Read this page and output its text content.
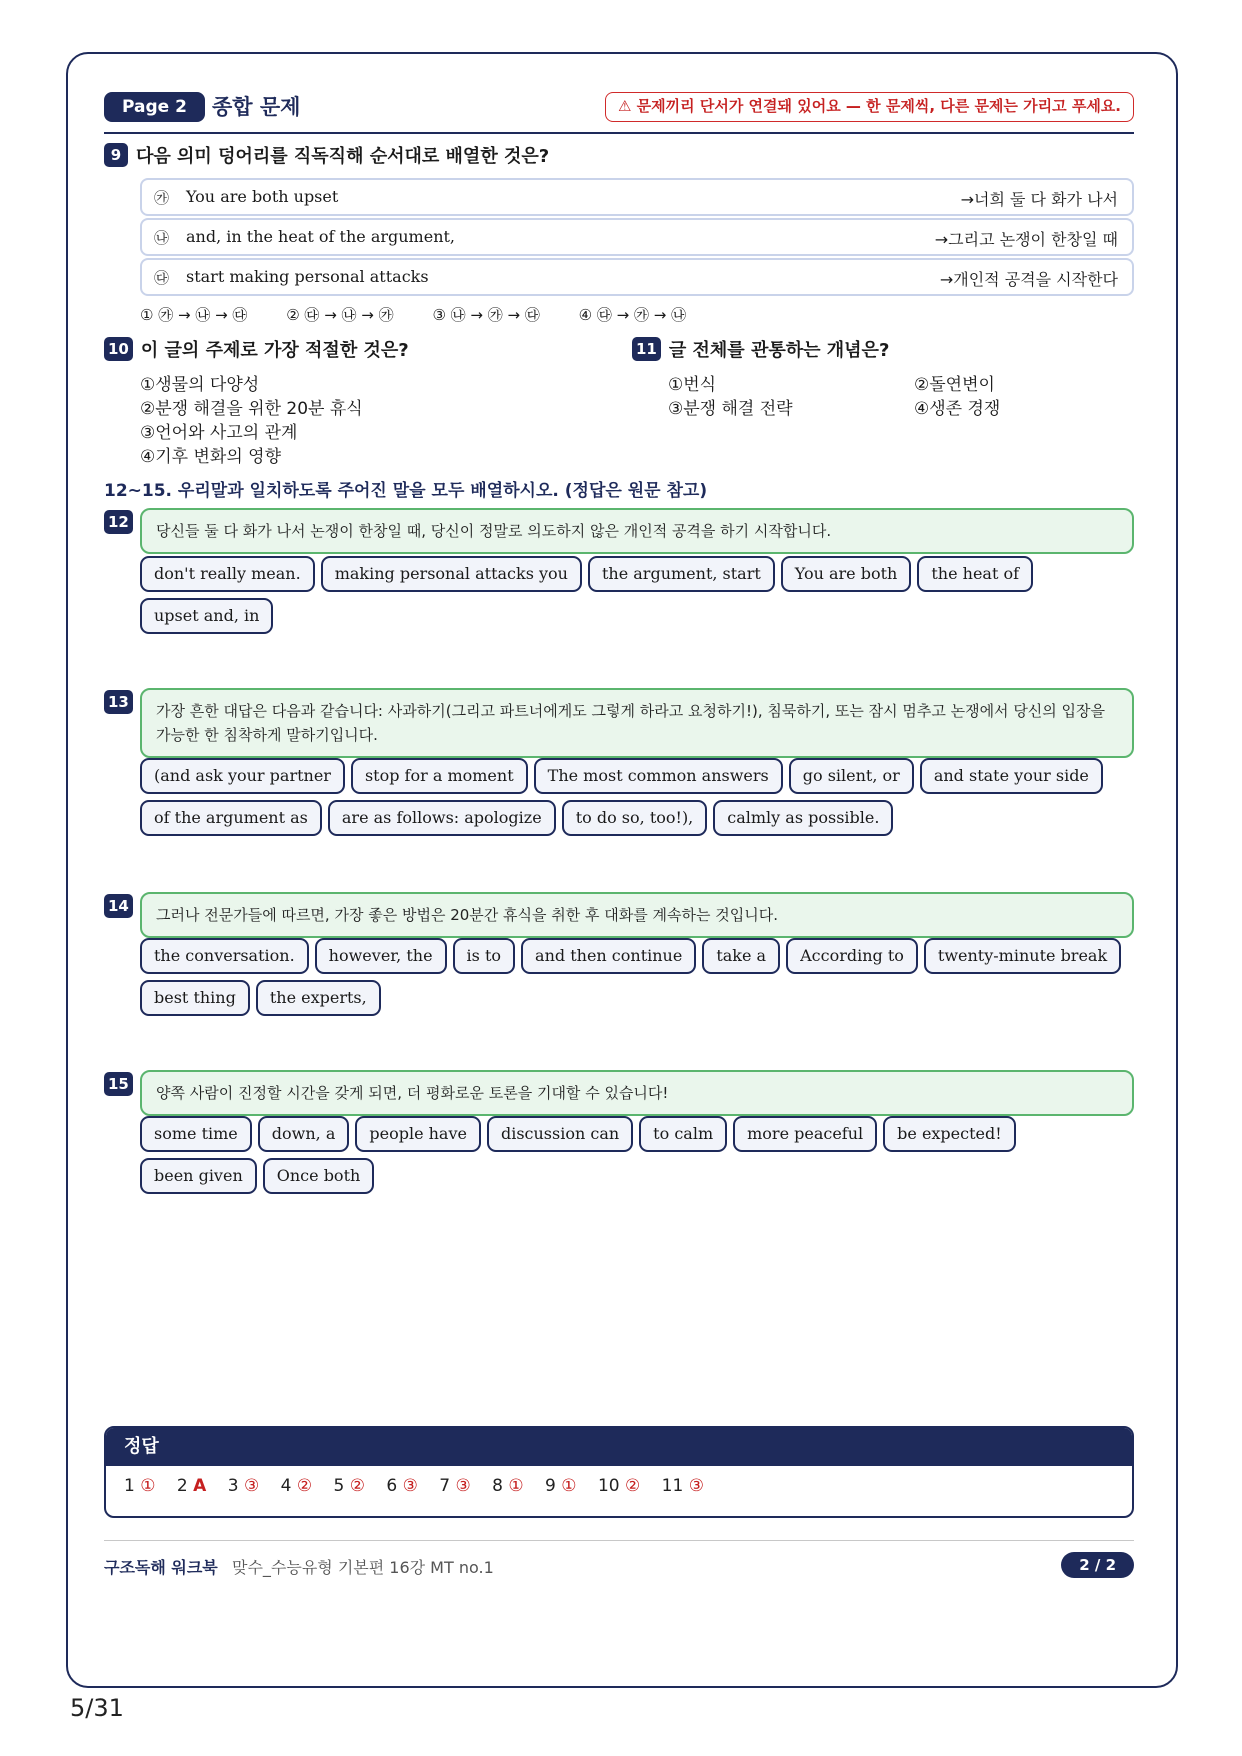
Page 2	종합 문제	⚠ 문제끼리 단서가 연결돼 있어요 — 한 문제씩, 다른 문제는 가리고 푸세요.
9 다음 의미 덩어리를 직독직해 순서대로 배열한 것은?
㉮ You are both upset	→너희 둘 다 화가 나서
㉯ and, in the heat of the argument,	→그리고 논쟁이 한창일 때
㉰ start making personal attacks	→개인적 공격을 시작한다
① ㉮ → ㉯ → ㉰	② ㉰ → ㉯ → ㉮	③ ㉯ → ㉮ → ㉰	④ ㉰ → ㉮ → ㉯
10 이 글의 주제로 가장 적절한 것은?
①생물의 다양성
②분쟁 해결을 위한 20분 휴식
③언어와 사고의 관계
④기후 변화의 영향
11 글 전체를 관통하는 개념은?
①번식	②돌연변이
③분쟁 해결 전략	④생존 경쟁
12~15. 우리말과 일치하도록 주어진 말을 모두 배열하시오. (정답은 원문 참고)
12	당신들 둘 다 화가 나서 논쟁이 한창일 때, 당신이 정말로 의도하지 않은 개인적 공격을 하기 시작합니다.
don't really mean.	making personal attacks you	the argument, start	You are both	the heat of
upset and, in
13	가장 흔한 대답은 다음과 같습니다: 사과하기(그리고 파트너에게도 그렇게 하라고 요청하기!), 침묵하기, 또는 잠시 멈추고 논쟁에서 당신의 입장을 가능한 한 침착하게 말하기입니다.
(and ask your partner	stop for a moment	The most common answers	go silent, or	and state your side
of the argument as	are as follows: apologize	to do so, too!),	calmly as possible.
14	그러나 전문가들에 따르면, 가장 좋은 방법은 20분간 휴식을 취한 후 대화를 계속하는 것입니다.
the conversation.	however, the	is to	and then continue	take a	According to	twenty-minute break
best thing	the experts,
15	양쪽 사람이 진정할 시간을 갖게 되면, 더 평화로운 토론을 기대할 수 있습니다!
some time	down, a	people have	discussion can	to calm	more peaceful	be expected!
been given	Once both
정답
1 ① 2 A 3 ③ 4 ② 5 ② 6 ③ 7 ③ 8 ① 9 ① 10 ② 11 ③
구조독해 워크북 맞수_수능유형 기본편 16강 MT no.1	2 / 2
5/31
